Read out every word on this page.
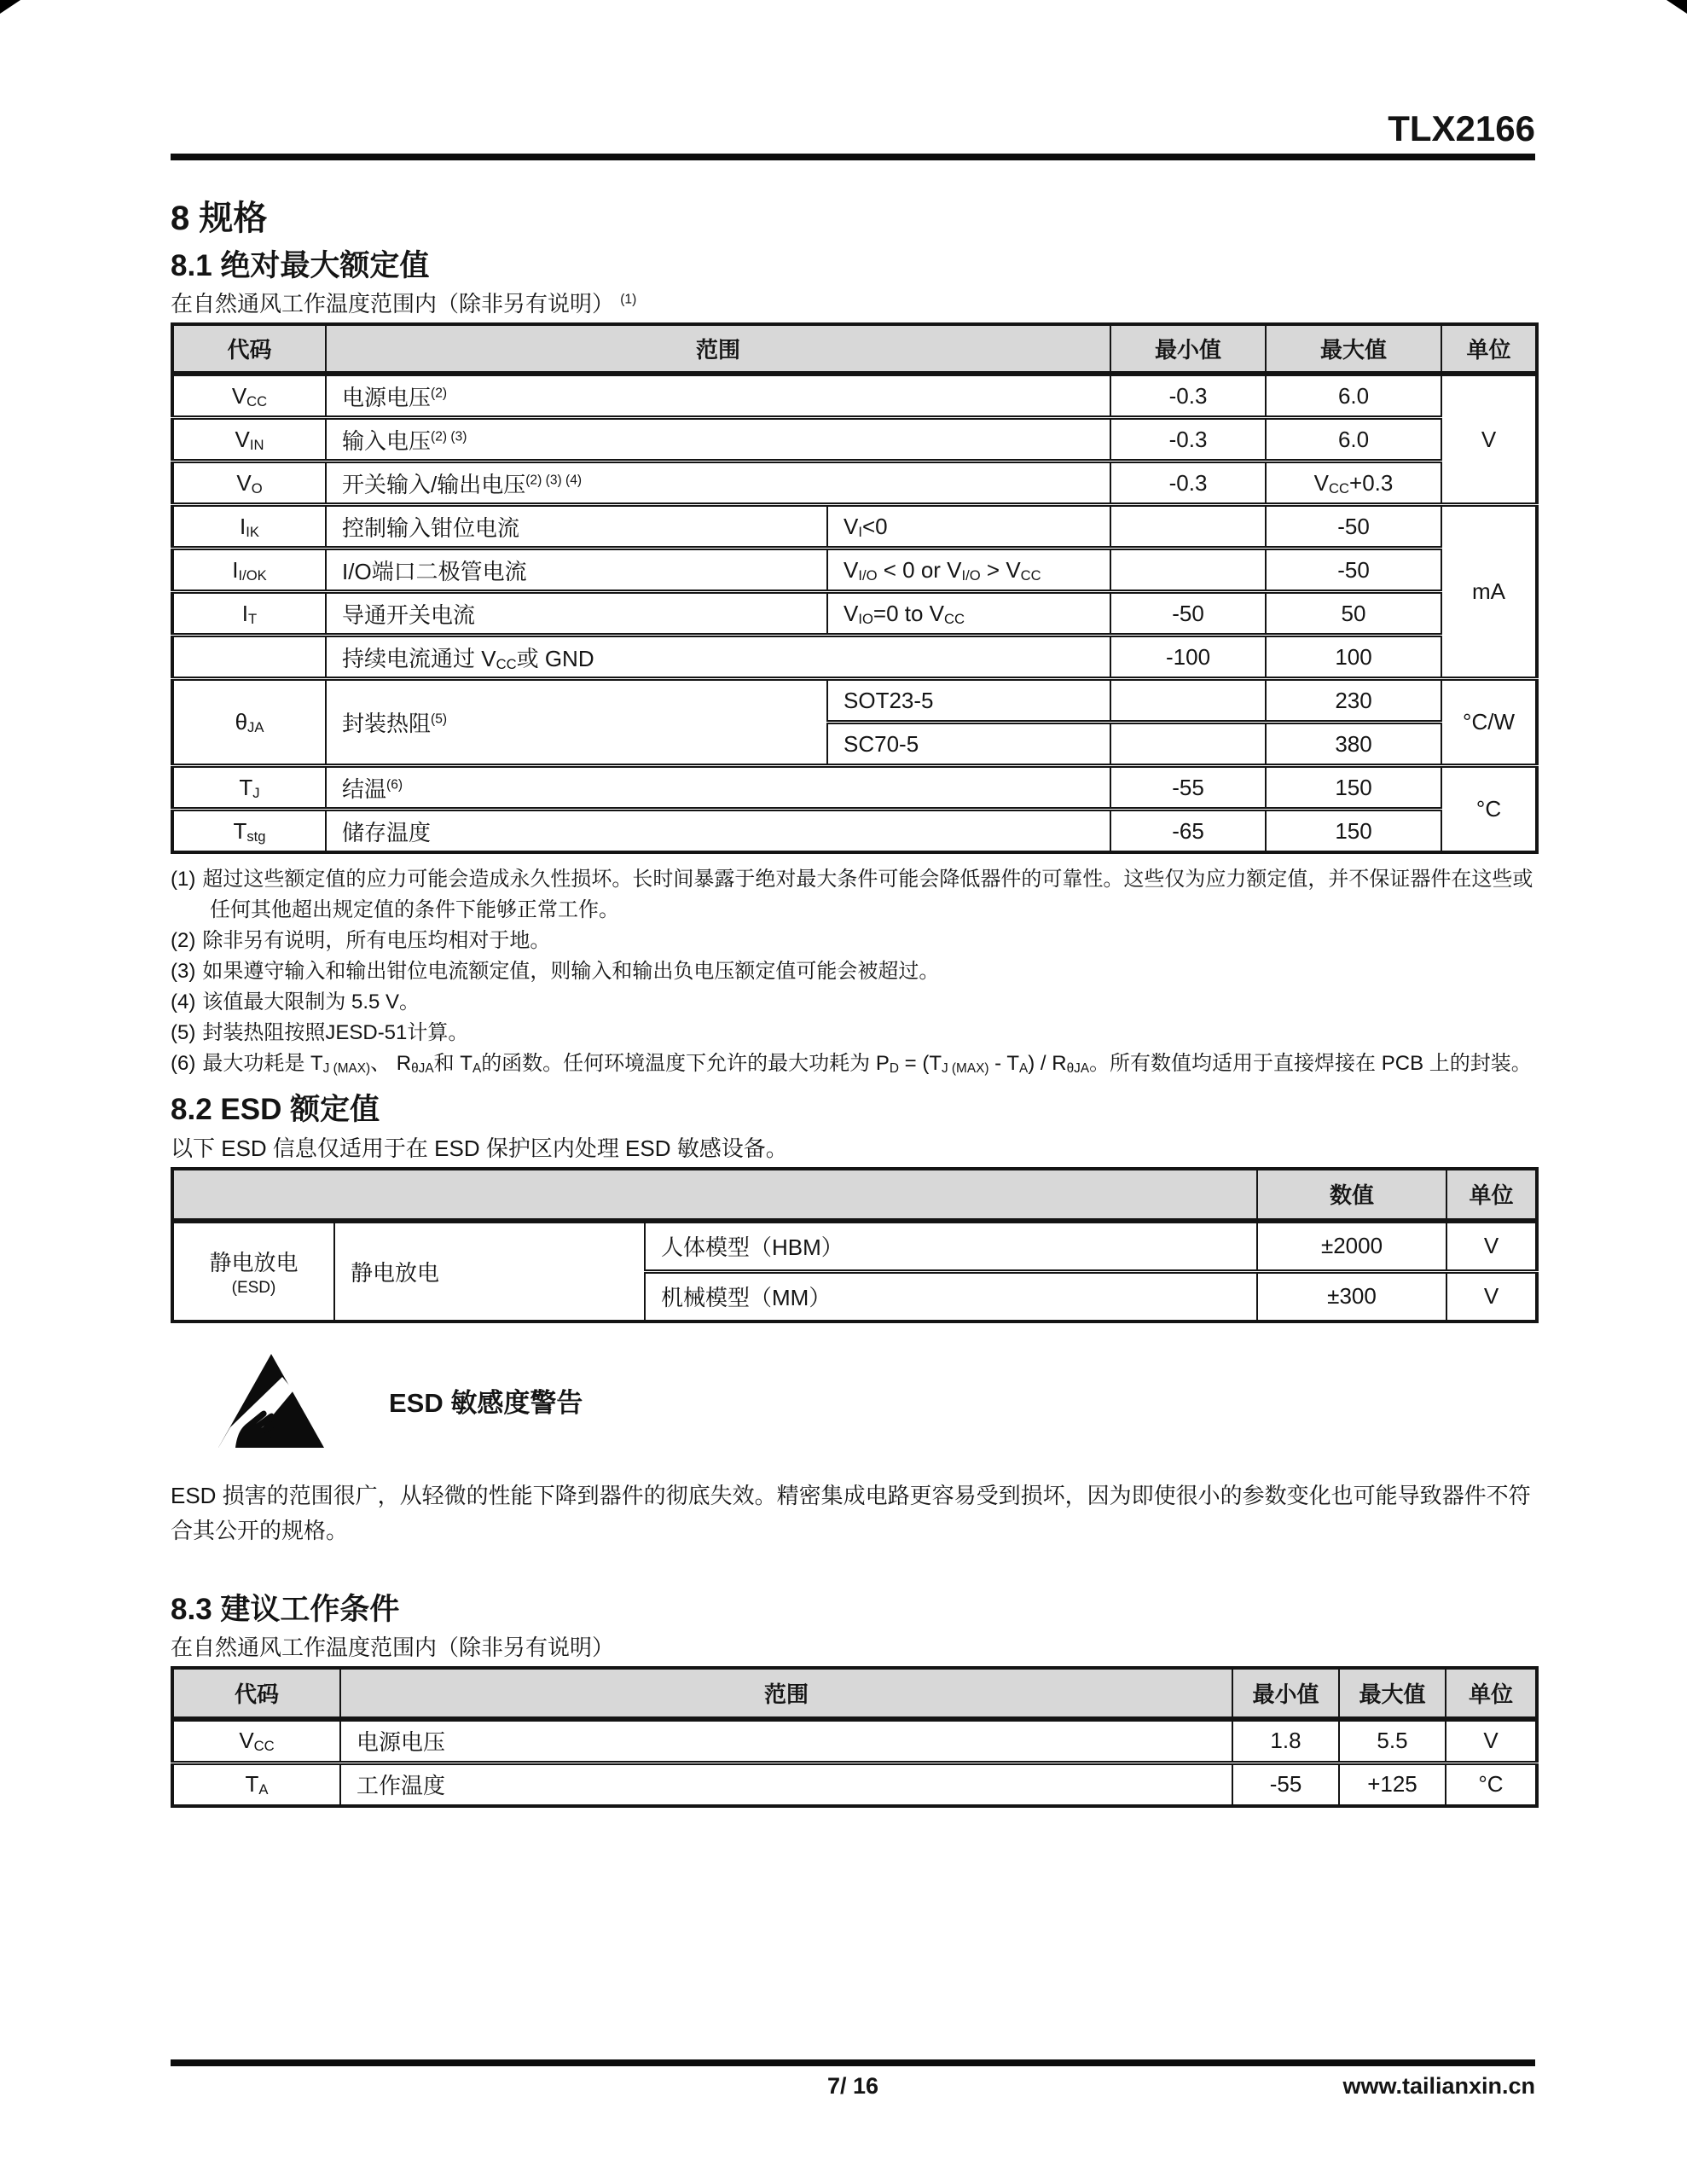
TLX2166
8 规格
8.1 绝对最大额定值

在自然通风工作温度范围内（除非另有说明） $^{(1)}$

代码	范围		最小值	最大值	单位
$V_{CC}$	电源电压$^{(2)}$		-0.3	6.0	V
$V_{IN}$	输入电压$^{(2) (3)}$		-0.3	6.0	
$V_O$	开关输入/输出电压$^{(2) (3) (4)}$		-0.3	$V_{CC}+0.3$	
$I_{IK}$	控制输入钳位电流	$V_I<0$		-50	mA
$I_{I/OK}$	I/O端口二极管电流	$V_{I/O} < 0$ or $V_{I/O} > V_{CC}$		-50	
$I_T$	导通开关电流	$V_{IO}=0$ to $V_{CC}$	-50	50	
	持续电流通过 $V_{CC}$或 GND		-100	100	
$\theta_{JA}$	封装热阻$^{(5)}$	SOT23-5		230	°C/W
		SC70-5		380	
$T_J$	结温$^{(6)}$		-55	150	°C
$T_{stg}$	储存温度		-65	150	
(1) 超过这些额定值的应力可能会造成永久性损坏。长时间暴露于绝对最大条件可能会降低器件的可靠性。这些仅为应力额定值，并不保证器件在这些或任何其他超出规定值的条件下能够正常工作。
(2) 除非另有说明，所有电压均相对于地。
(3) 如果遵守输入和输出钳位电流额定值，则输入和输出负电压额定值可能会被超过。
(4) 该值最大限制为 5.5 V。
(5) 封装热阻按照JESD-51计算。
(6) 最大功耗是 $T_{J (MAX)}$、 $R_{\theta JA}$和 $T_A$的函数。任何环境温度下允许的最大功耗为 $P_D = (T_{J (MAX)} - T_A) / R_{\theta JA}$。所有数值均适用于直接焊接在 PCB 上的封装。
8.2 ESD 额定值

以下 ESD 信息仅适用于在 ESD 保护区内处理 ESD 敏感设备。

			数值	单位

静电放电
(ESD)	静电放电	人体模型（HBM）	±2000	V
		机械模型（MM）	±300	V
ESD 敏感度警告

ESD 损害的范围很广，从轻微的性能下降到器件的彻底失效。精密集成电路更容易受到损坏，因为即使很小的参数变化也可能导致器件不符合其公开的规格。

8.3 建议工作条件

在自然通风工作温度范围内（除非另有说明）

代码	范围	最小值	最大值	单位
$V_{CC}$	电源电压	1.8	5.5	V
$T_A$	工作温度	-55	+125	°C
7/ 16	www.tailianxin.cn
